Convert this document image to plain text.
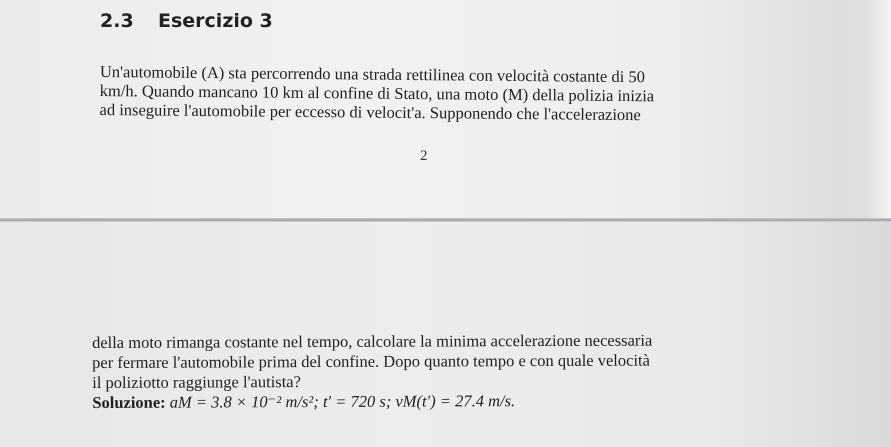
2.3 Esercizio 3
Un'automobile (A) sta percorrendo una strada rettilinea con velocità costante di 50
km/h. Quando mancano 10 km al confine di Stato, una moto (M) della polizia inizia
ad inseguire l'automobile per eccesso di velocit'a. Supponendo che l'accelerazione
2
della moto rimanga costante nel tempo, calcolare la minima accelerazione necessaria
per fermare l'automobile prima del confine. Dopo quanto tempo e con quale velocità
il poliziotto raggiunge l'autista?
Soluzione: aM = 3.8 × 10⁻² m/s²; t′ = 720 s; vM(t′) = 27.4 m/s.
